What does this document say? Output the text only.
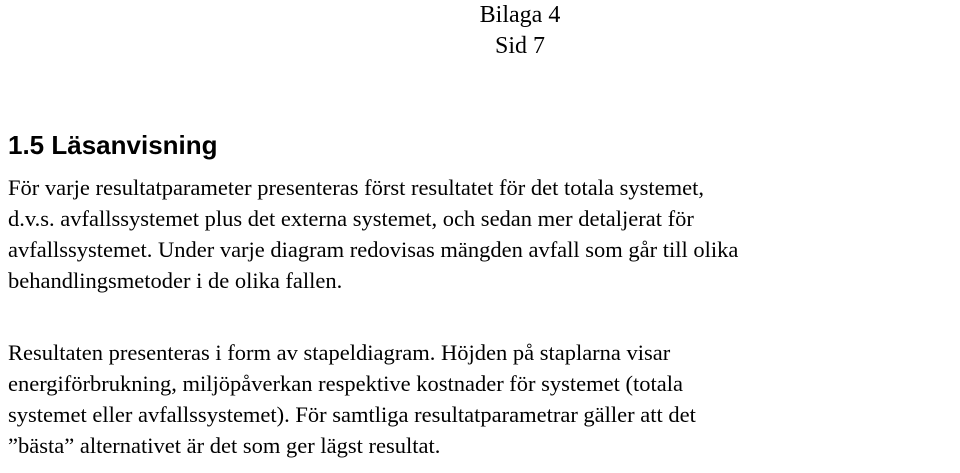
Bilaga 4
Sid 7
1.5 Läsanvisning

För varje resultatparameter presenteras först resultatet för det totala systemet,
d.v.s. avfallssystemet plus det externa systemet, och sedan mer detaljerat för
avfallssystemet. Under varje diagram redovisas mängden avfall som går till olika
behandlingsmetoder i de olika fallen.

Resultaten presenteras i form av stapeldiagram. Höjden på staplarna visar
energiförbrukning, miljöpåverkan respektive kostnader för systemet (totala
systemet eller avfallssystemet). För samtliga resultatparametrar gäller att det
”bästa” alternativet är det som ger lägst resultat.
